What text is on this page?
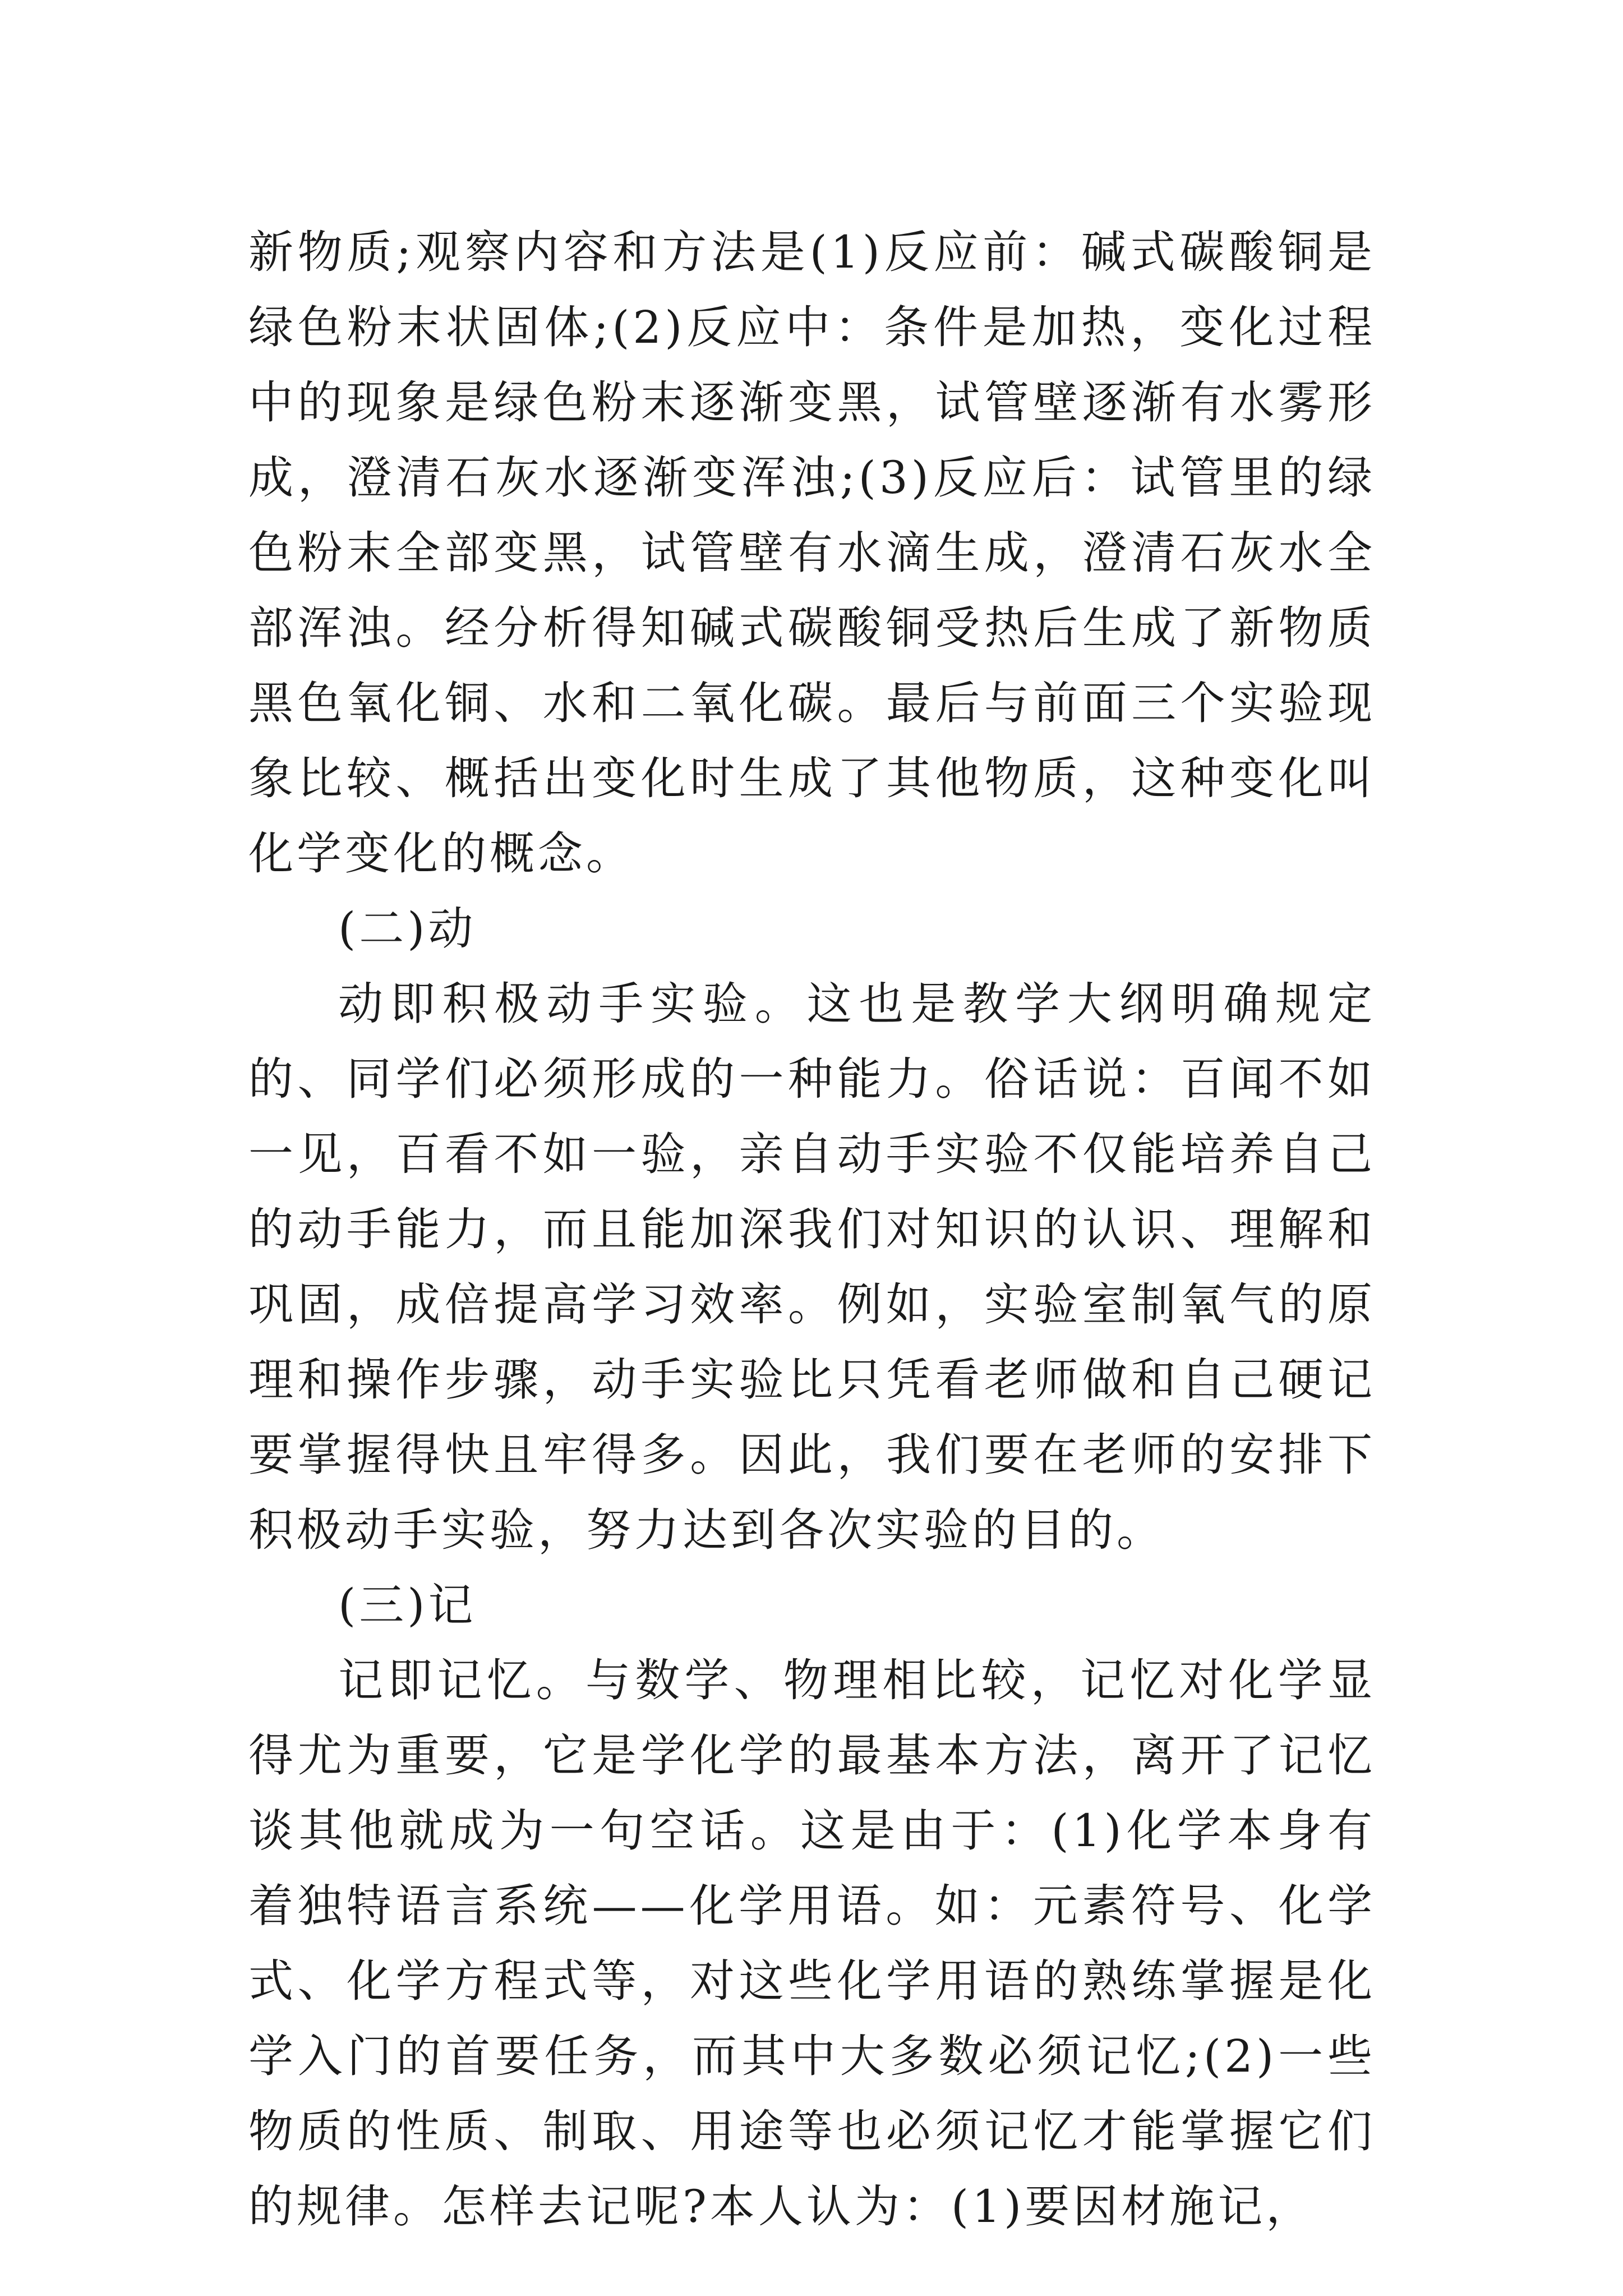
新物质;观察内容和方法是(1)反应前：碱式碳酸铜是绿色粉末状固体;(2)反应中：条件是加热，变化过程中的现象是绿色粉末逐渐变黑，试管壁逐渐有水雾形成，澄清石灰水逐渐变浑浊;(3)反应后：试管里的绿色粉末全部变黑，试管壁有水滴生成，澄清石灰水全部浑浊。经分析得知碱式碳酸铜受热后生成了新物质黑色氧化铜、水和二氧化碳。最后与前面三个实验现象比较、概括出变化时生成了其他物质，这种变化叫化学变化的概念。

(二)动

动即积极动手实验。这也是教学大纲明确规定的、同学们必须形成的一种能力。俗话说：百闻不如一见，百看不如一验，亲自动手实验不仅能培养自己的动手能力，而且能加深我们对知识的认识、理解和巩固，成倍提高学习效率。例如，实验室制氧气的原理和操作步骤，动手实验比只凭看老师做和自己硬记要掌握得快且牢得多。因此，我们要在老师的安排下积极动手实验，努力达到各次实验的目的。

(三)记

记即记忆。与数学、物理相比较，记忆对化学显得尤为重要，它是学化学的最基本方法，离开了记忆谈其他就成为一句空话。这是由于：(1)化学本身有着独特语言系统——化学用语。如：元素符号、化学式、化学方程式等，对这些化学用语的熟练掌握是化学入门的首要任务，而其中大多数必须记忆;(2)一些物质的性质、制取、用途等也必须记忆才能掌握它们的规律。怎样去记呢?本人认为：(1)要因材施记，
